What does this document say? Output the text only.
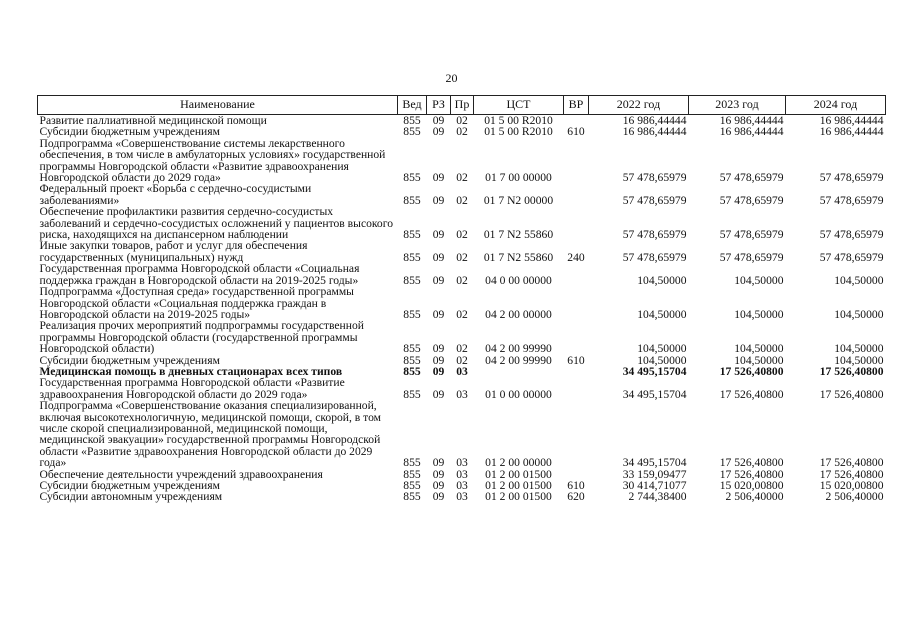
20
Наименование	Вед	РЗ	Пр	ЦСТ	ВР	2022 год	2023 год	2024 год
Развитие паллиативной медицинской помощи	855	09	02	01 5 00 R2010		16 986,44444	16 986,44444	16 986,44444
Субсидии бюджетным учреждениям	855	09	02	01 5 00 R2010	610	16 986,44444	16 986,44444	16 986,44444
Подпрограмма «Совершенствование системы лекарственного обеспечения, в том числе в амбулаторных условиях» государственной программы Новгородской области «Развитие здравоохранения Новгородской области до 2029 года»	855	09	02	01 7 00 00000		57 478,65979	57 478,65979	57 478,65979
Федеральный проект «Борьба с сердечно-сосудистыми заболеваниями»	855	09	02	01 7 N2 00000		57 478,65979	57 478,65979	57 478,65979
Обеспечение профилактики развития сердечно-сосудистых заболеваний и сердечно-сосудистых осложнений у пациентов высокого риска, находящихся на диспансерном наблюдении	855	09	02	01 7 N2 55860		57 478,65979	57 478,65979	57 478,65979
Иные закупки товаров, работ и услуг для обеспечения государственных (муниципальных) нужд	855	09	02	01 7 N2 55860	240	57 478,65979	57 478,65979	57 478,65979
Государственная программа Новгородской области «Социальная поддержка граждан в Новгородской области на 2019-2025 годы»	855	09	02	04 0 00 00000		104,50000	104,50000	104,50000
Подпрограмма «Доступная среда» государственной программы Новгородской области «Социальная поддержка граждан в Новгородской области на 2019-2025 годы»	855	09	02	04 2 00 00000		104,50000	104,50000	104,50000
Реализация прочих мероприятий подпрограммы государственной программы Новгородской области (государственной программы Новгородской области)	855	09	02	04 2 00 99990		104,50000	104,50000	104,50000
Субсидии бюджетным учреждениям	855	09	02	04 2 00 99990	610	104,50000	104,50000	104,50000
Медицинская помощь в дневных стационарах всех типов	855	09	03			34 495,15704	17 526,40800	17 526,40800
Государственная программа Новгородской области «Развитие здравоохранения Новгородской области до 2029 года»	855	09	03	01 0 00 00000		34 495,15704	17 526,40800	17 526,40800
Подпрограмма «Совершенствование оказания специализированной, включая высокотехнологичную, медицинской помощи, скорой, в том числе скорой специализированной, медицинской помощи, медицинской эвакуации» государственной программы Новгородской области «Развитие здравоохранения Новгородской области до 2029 года»	855	09	03	01 2 00 00000		34 495,15704	17 526,40800	17 526,40800
Обеспечение деятельности учреждений здравоохранения	855	09	03	01 2 00 01500		33 159,09477	17 526,40800	17 526,40800
Субсидии бюджетным учреждениям	855	09	03	01 2 00 01500	610	30 414,71077	15 020,00800	15 020,00800
Субсидии автономным учреждениям	855	09	03	01 2 00 01500	620	2 744,38400	2 506,40000	2 506,40000
